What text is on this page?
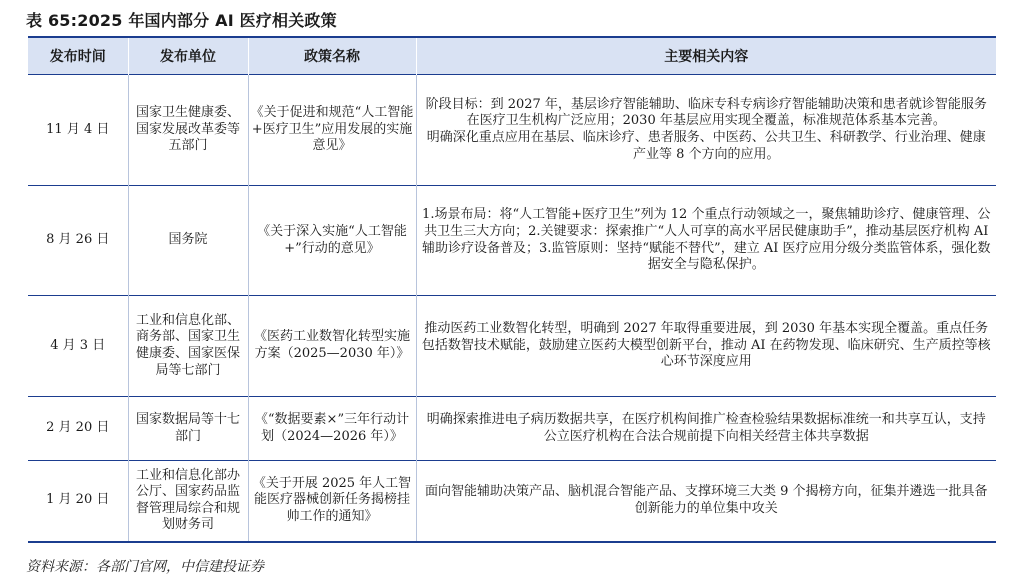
表 65:2025 年国内部分 AI 医疗相关政策
发布时间	发布单位	政策名称	主要相关内容
11 月 4 日	国家卫生健康委、国家发展改革委等五部门	《关于促进和规范“人工智能+医疗卫生”应用发展的实施意见》	阶段目标：到 2027 年，基层诊疗智能辅助、临床专科专病诊疗智能辅助决策和患者就诊智能服务在医疗卫生机构广泛应用；2030 年基层应用实现全覆盖，标准规范体系基本完善。
明确深化重点应用在基层、临床诊疗、患者服务、中医药、公共卫生、科研教学、行业治理、健康产业等 8 个方向的应用。

8 月 26 日	国务院	《关于深入实施“人工智能+”行动的意见》	1.场景布局：将“人工智能+医疗卫生”列为 12 个重点行动领域之一，聚焦辅助诊疗、健康管理、公共卫生三大方向；2.关键要求：探索推广“人人可享的高水平居民健康助手”，推动基层医疗机构 AI 辅助诊疗设备普及；3.监管原则：坚持“赋能不替代”，建立 AI 医疗应用分级分类监管体系，强化数据安全与隐私保护。

4 月 3 日	工业和信息化部、商务部、国家卫生健康委、国家医保局等七部门	《医药工业数智化转型实施方案（2025—2030 年）》	推动医药工业数智化转型，明确到 2027 年取得重要进展，到 2030 年基本实现全覆盖。重点任务包括数智技术赋能，鼓励建立医药大模型创新平台，推动 AI 在药物发现、临床研究、生产质控等核心环节深度应用

2 月 20 日	国家数据局等十七部门	《“数据要素×”三年行动计划（2024—2026 年）》	明确探索推进电子病历数据共享，在医疗机构间推广检查检验结果数据标准统一和共享互认，支持公立医疗机构在合法合规前提下向相关经营主体共享数据

1 月 20 日	工业和信息化部办公厅、国家药品监督管理局综合和规划财务司	《关于开展 2025 年人工智能医疗器械创新任务揭榜挂帅工作的通知》	面向智能辅助决策产品、脑机混合智能产品、支撑环境三大类 9 个揭榜方向，征集并遴选一批具备创新能力的单位集中攻关
资料来源：各部门官网，中信建投证券
